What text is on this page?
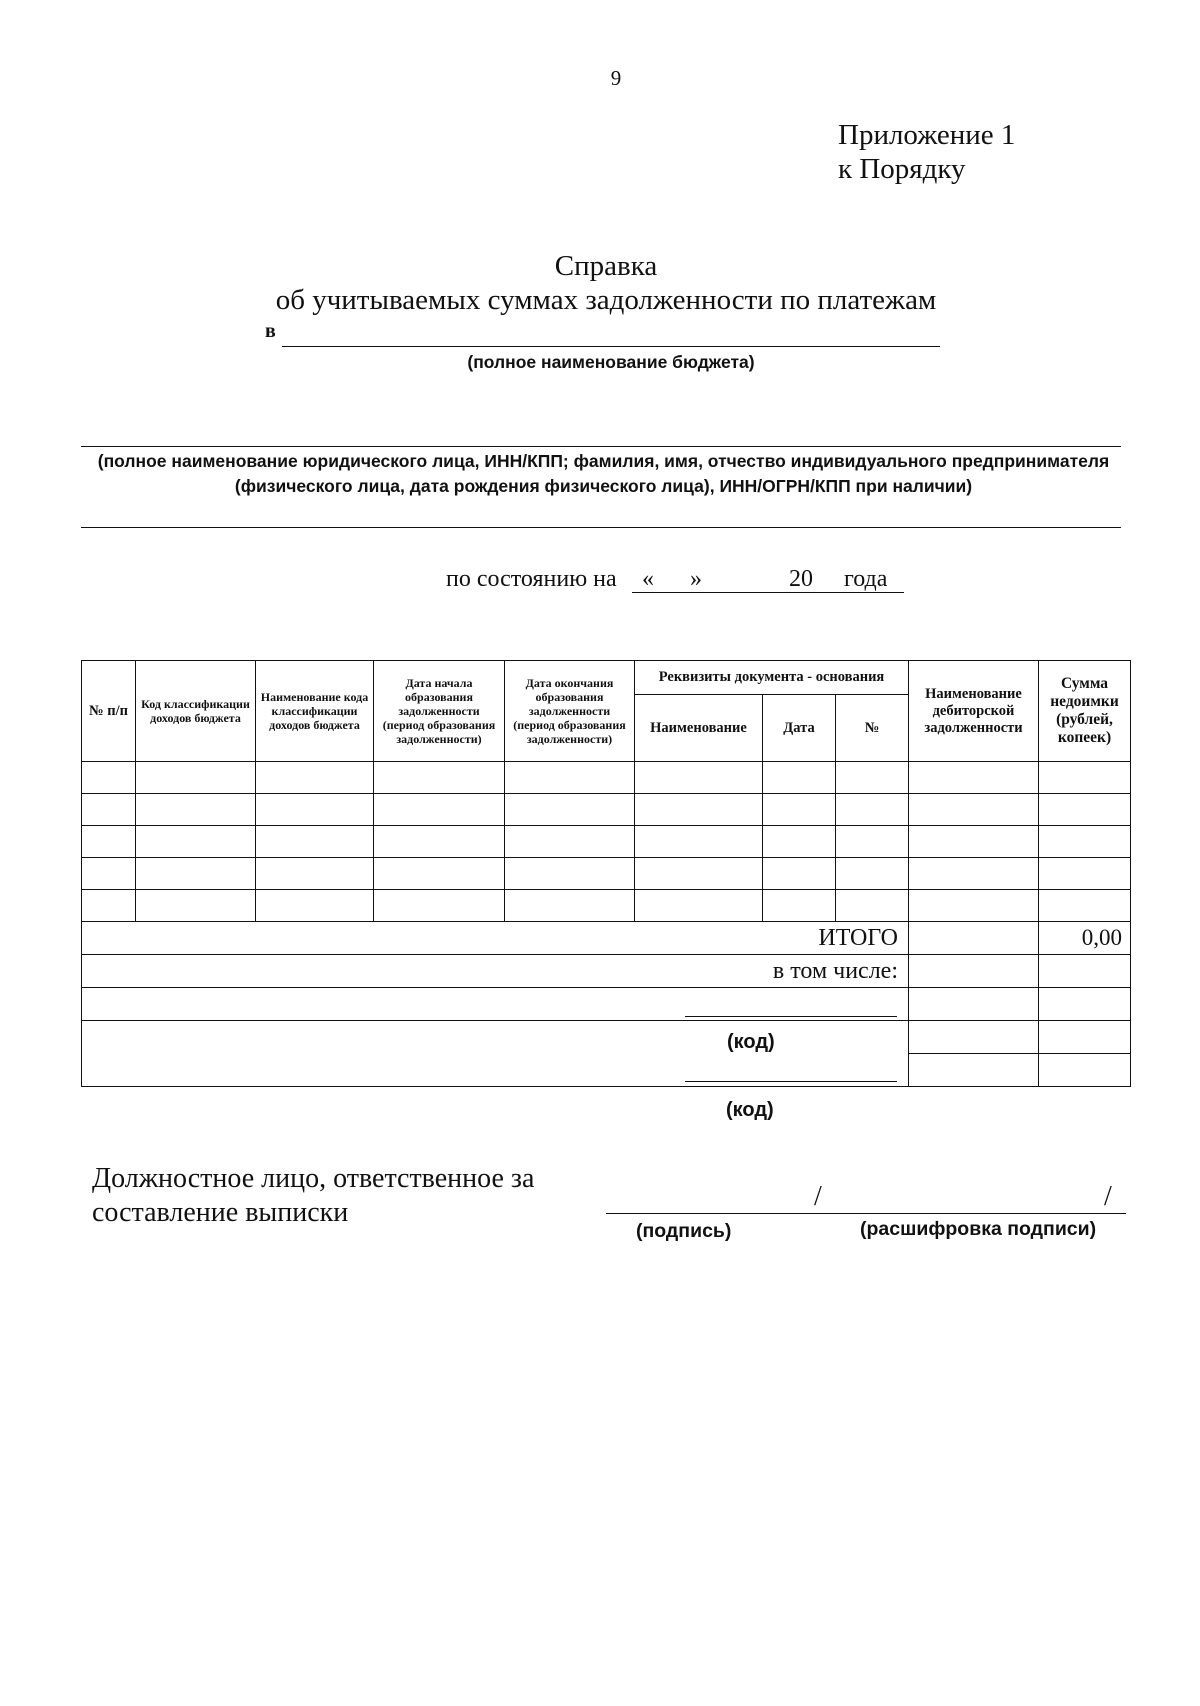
9
Приложение 1
к Порядку
Справка
об учитываемых суммах задолженности по платежам
в
(полное наименование бюджета)
(полное наименование юридического лица, ИНН/КПП; фамилия, имя, отчество индивидуального предпринимателя
(физического лица, дата рождения физического лица), ИНН/ОГРН/КПП при наличии)
по состоянию на « »	20 года
№ п/п	Код классификации доходов бюджета	Наименование кода классификации доходов бюджета	Дата начала образования задолженности (период образования задолженности)	Дата окончания образования задолженности (период образования задолженности)	Реквизиты документа - основания			Наименование дебиторской задолженности	Сумма недоимки (рублей, копеек)
					Наименование	Дата	№		

ИТОГО									0,00
в том числе:									

(код)									

(код)
Должностное лицо, ответственное за
составление выписки
/	/
(подпись)	(расшифровка подписи)
